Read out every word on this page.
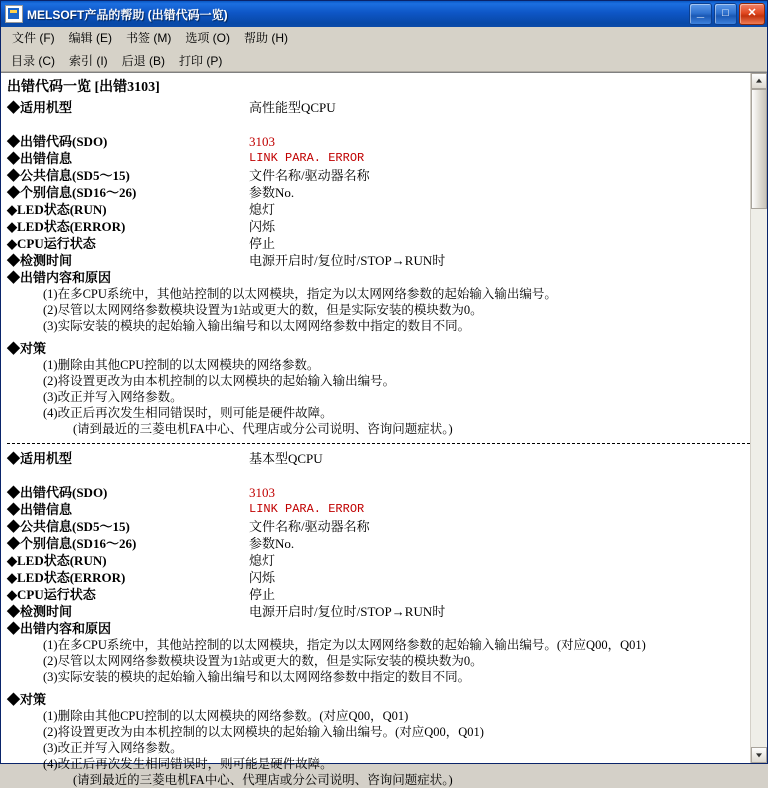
MELSOFT产品的帮助 (出错代码一览)	_	□	✕
文件 (F)	编辑 (E)	书签 (M)	选项 (O)	帮助 (H)
目录 (C)	索引 (I)	后退 (B)	打印 (P)
出错代码一览 [出错3103]
◆适用机型	高性能型QCPU

◆出错代码(SDO)	3103
◆出错信息	LINK PARA. ERROR
◆公共信息(SD5～15)	文件名称/驱动器名称
◆个别信息(SD16～26)	参数No.
◆LED状态(RUN)	熄灯
◆LED状态(ERROR)	闪烁
◆CPU运行状态	停止
◆检测时间	电源开启时/复位时/STOP→RUN时
◆出错内容和原因
(1)在多CPU系统中，其他站控制的以太网模块，指定为以太网网络参数的起始输入输出编号。
(2)尽管以太网网络参数模块设置为1站或更大的数，但是实际安装的模块数为0。
(3)实际安装的模块的起始输入输出编号和以太网网络参数中指定的数目不同。
◆对策
(1)删除由其他CPU控制的以太网模块的网络参数。
(2)将设置更改为由本机控制的以太网模块的起始输入输出编号。
(3)改正并写入网络参数。
(4)改正后再次发生相同错误时，则可能是硬件故障。
(请到最近的三菱电机FA中心、代理店或分公司说明、咨询问题症状。)
◆适用机型	基本型QCPU

◆出错代码(SDO)	3103
◆出错信息	LINK PARA. ERROR
◆公共信息(SD5～15)	文件名称/驱动器名称
◆个别信息(SD16～26)	参数No.
◆LED状态(RUN)	熄灯
◆LED状态(ERROR)	闪烁
◆CPU运行状态	停止
◆检测时间	电源开启时/复位时/STOP→RUN时
◆出错内容和原因
(1)在多CPU系统中，其他站控制的以太网模块，指定为以太网网络参数的起始输入输出编号。(对应Q00，Q01)
(2)尽管以太网网络参数模块设置为1站或更大的数，但是实际安装的模块数为0。
(3)实际安装的模块的起始输入输出编号和以太网网络参数中指定的数目不同。
◆对策
(1)删除由其他CPU控制的以太网模块的网络参数。(对应Q00，Q01)
(2)将设置更改为由本机控制的以太网模块的起始输入输出编号。(对应Q00，Q01)
(3)改正并写入网络参数。
(4)改正后再次发生相同错误时，则可能是硬件故障。
(请到最近的三菱电机FA中心、代理店或分公司说明、咨询问题症状。)
